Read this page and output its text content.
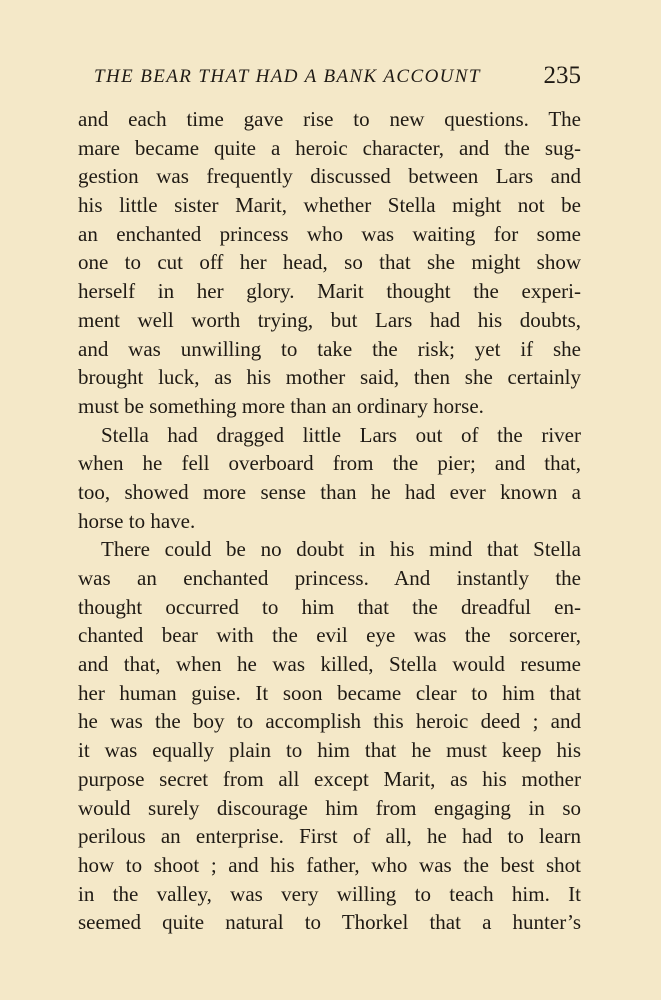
THE BEAR THAT HAD A BANK ACCOUNT	235
and each time gave rise to new questions. The
mare became quite a heroic character, and the sug-
gestion was frequently discussed between Lars and
his little sister Marit, whether Stella might not be
an enchanted princess who was waiting for some
one to cut off her head, so that she might show
herself in her glory. Marit thought the experi-
ment well worth trying, but Lars had his doubts,
and was unwilling to take the risk; yet if she
brought luck, as his mother said, then she certainly
must be something more than an ordinary horse.
Stella had dragged little Lars out of the river
when he fell overboard from the pier; and that,
too, showed more sense than he had ever known a
horse to have.
There could be no doubt in his mind that Stella
was an enchanted princess. And instantly the
thought occurred to him that the dreadful en-
chanted bear with the evil eye was the sorcerer,
and that, when he was killed, Stella would resume
her human guise. It soon became clear to him that
he was the boy to accomplish this heroic deed ; and
it was equally plain to him that he must keep his
purpose secret from all except Marit, as his mother
would surely discourage him from engaging in so
perilous an enterprise. First of all, he had to learn
how to shoot ; and his father, who was the best shot
in the valley, was very willing to teach him. It
seemed quite natural to Thorkel that a hunter’s
